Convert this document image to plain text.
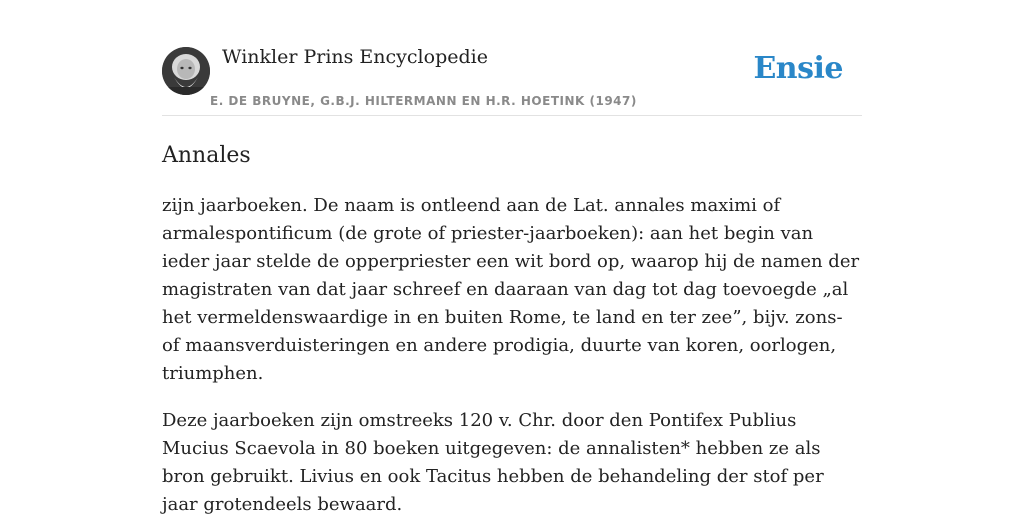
Winkler Prins Encyclopedie
E. DE BRUYNE, G.B.J. HILTERMANN EN H.R. HOETINK (1947)
Ensie
Annales

zijn jaarboeken. De naam is ontleend aan de Lat. annales maximi of armalespontificum (de grote of priester-jaarboeken): aan het begin van ieder jaar stelde de opperpriester een wit bord op, waarop hij de namen der magistraten van dat jaar schreef en daaraan van dag tot dag toevoegde „al het vermeldenswaardige in en buiten Rome, te land en ter zee”, bijv. zons- of maansverduisteringen en andere prodigia, duurte van koren, oorlogen, triumphen.

Deze jaarboeken zijn omstreeks 120 v. Chr. door den Pontifex Publius Mucius Scaevola in 80 boeken uitgegeven: de annalisten* hebben ze als bron gebruikt. Livius en ook Tacitus hebben de behandeling der stof per jaar grotendeels bewaard.
